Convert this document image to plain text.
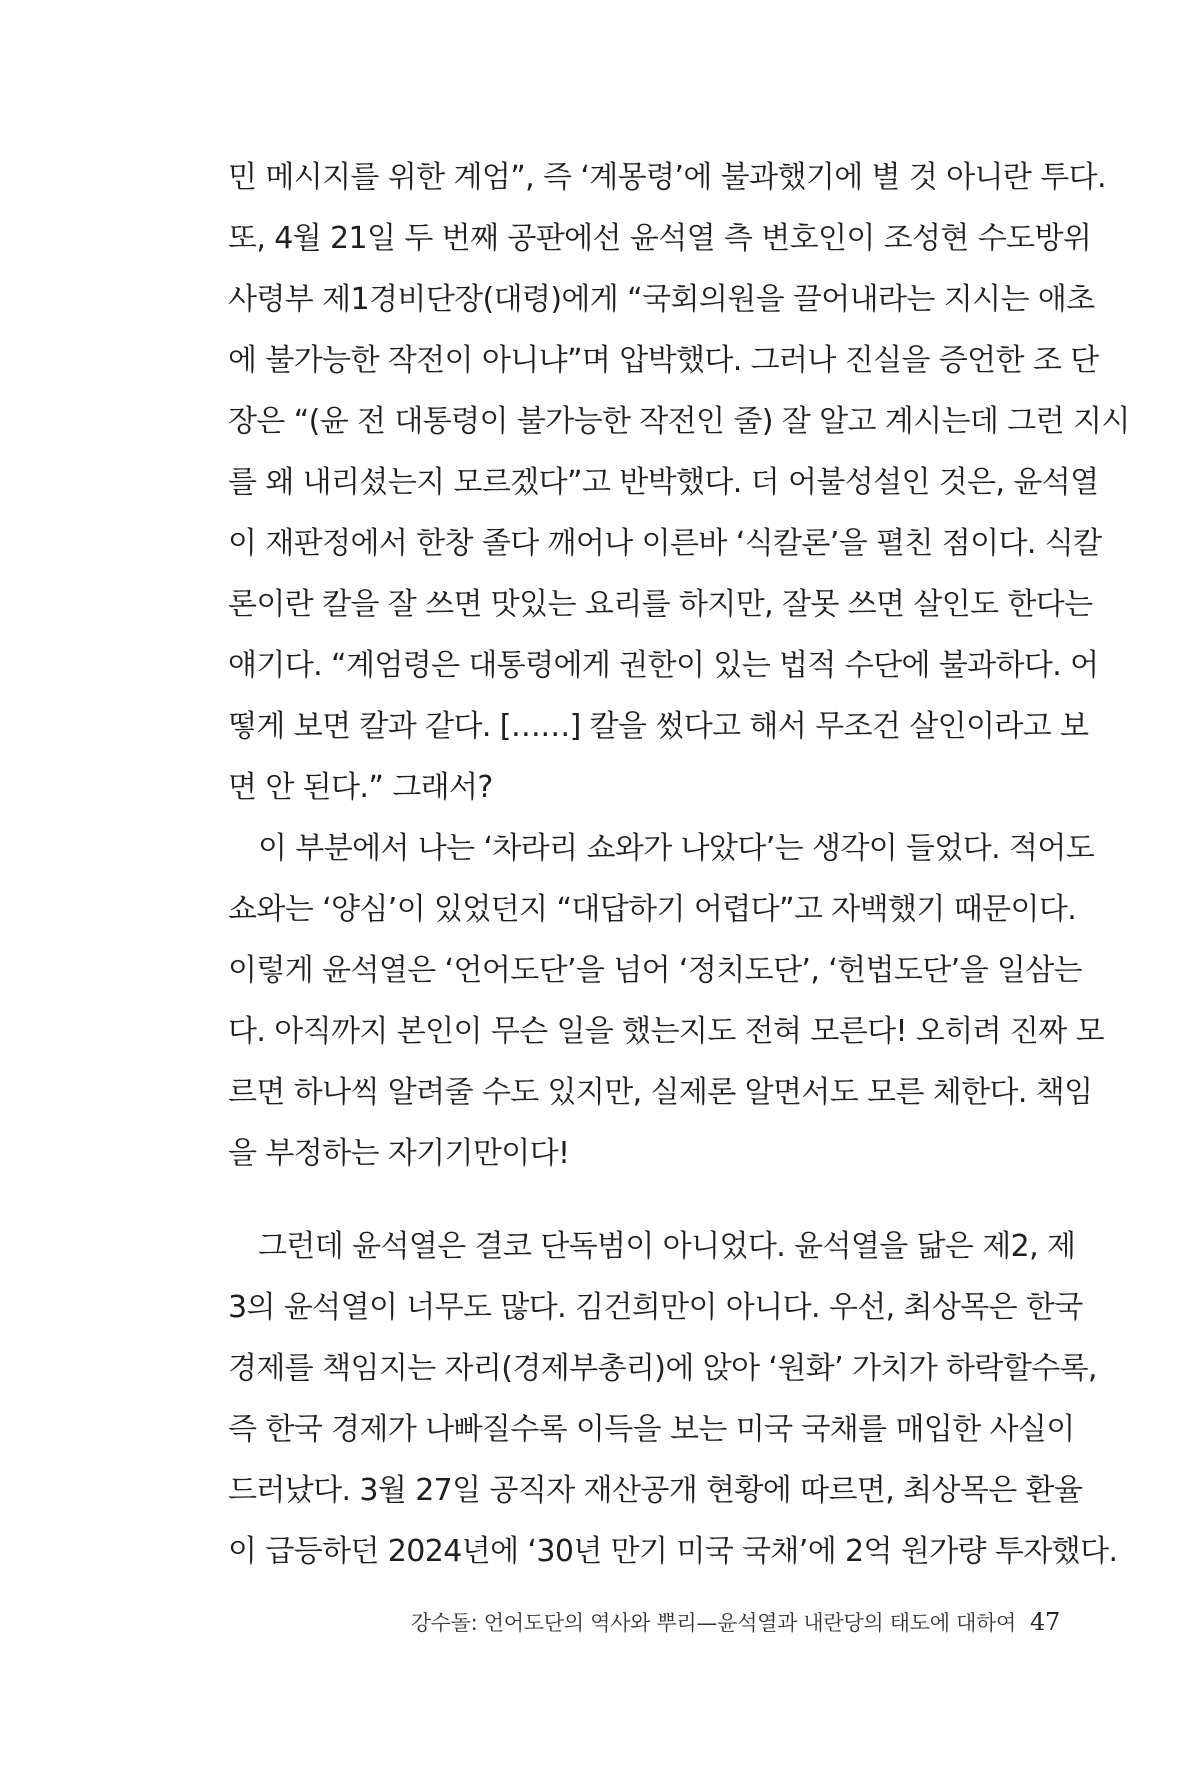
민 메시지를 위한 계엄”, 즉 ‘계몽령’에 불과했기에 별 것 아니란 투다.
또, 4월 21일 두 번째 공판에선 윤석열 측 변호인이 조성현 수도방위
사령부 제1경비단장(대령)에게 “국회의원을 끌어내라는 지시는 애초
에 불가능한 작전이 아니냐”며 압박했다. 그러나 진실을 증언한 조 단
장은 “(윤 전 대통령이 불가능한 작전인 줄) 잘 알고 계시는데 그런 지시
를 왜 내리셨는지 모르겠다”고 반박했다. 더 어불성설인 것은, 윤석열
이 재판정에서 한창 졸다 깨어나 이른바 ‘식칼론’을 펼친 점이다. 식칼
론이란 칼을 잘 쓰면 맛있는 요리를 하지만, 잘못 쓰면 살인도 한다는
얘기다. “계엄령은 대통령에게 권한이 있는 법적 수단에 불과하다. 어
떻게 보면 칼과 같다. [……] 칼을 썼다고 해서 무조건 살인이라고 보
면 안 된다.” 그래서?
이 부분에서 나는 ‘차라리 쇼와가 나았다’는 생각이 들었다. 적어도
쇼와는 ‘양심’이 있었던지 “대답하기 어렵다”고 자백했기 때문이다.
이렇게 윤석열은 ‘언어도단’을 넘어 ‘정치도단’, ‘헌법도단’을 일삼는
다. 아직까지 본인이 무슨 일을 했는지도 전혀 모른다! 오히려 진짜 모
르면 하나씩 알려줄 수도 있지만, 실제론 알면서도 모른 체한다. 책임
을 부정하는 자기기만이다!
그런데 윤석열은 결코 단독범이 아니었다. 윤석열을 닮은 제2, 제
3의 윤석열이 너무도 많다. 김건희만이 아니다. 우선, 최상목은 한국
경제를 책임지는 자리(경제부총리)에 앉아 ‘원화’ 가치가 하락할수록,
즉 한국 경제가 나빠질수록 이득을 보는 미국 국채를 매입한 사실이
드러났다. 3월 27일 공직자 재산공개 현황에 따르면, 최상목은 환율
이 급등하던 2024년에 ‘30년 만기 미국 국채’에 2억 원가량 투자했다.
강수돌: 언어도단의 역사와 뿌리—윤석열과 내란당의 태도에 대하여 47
